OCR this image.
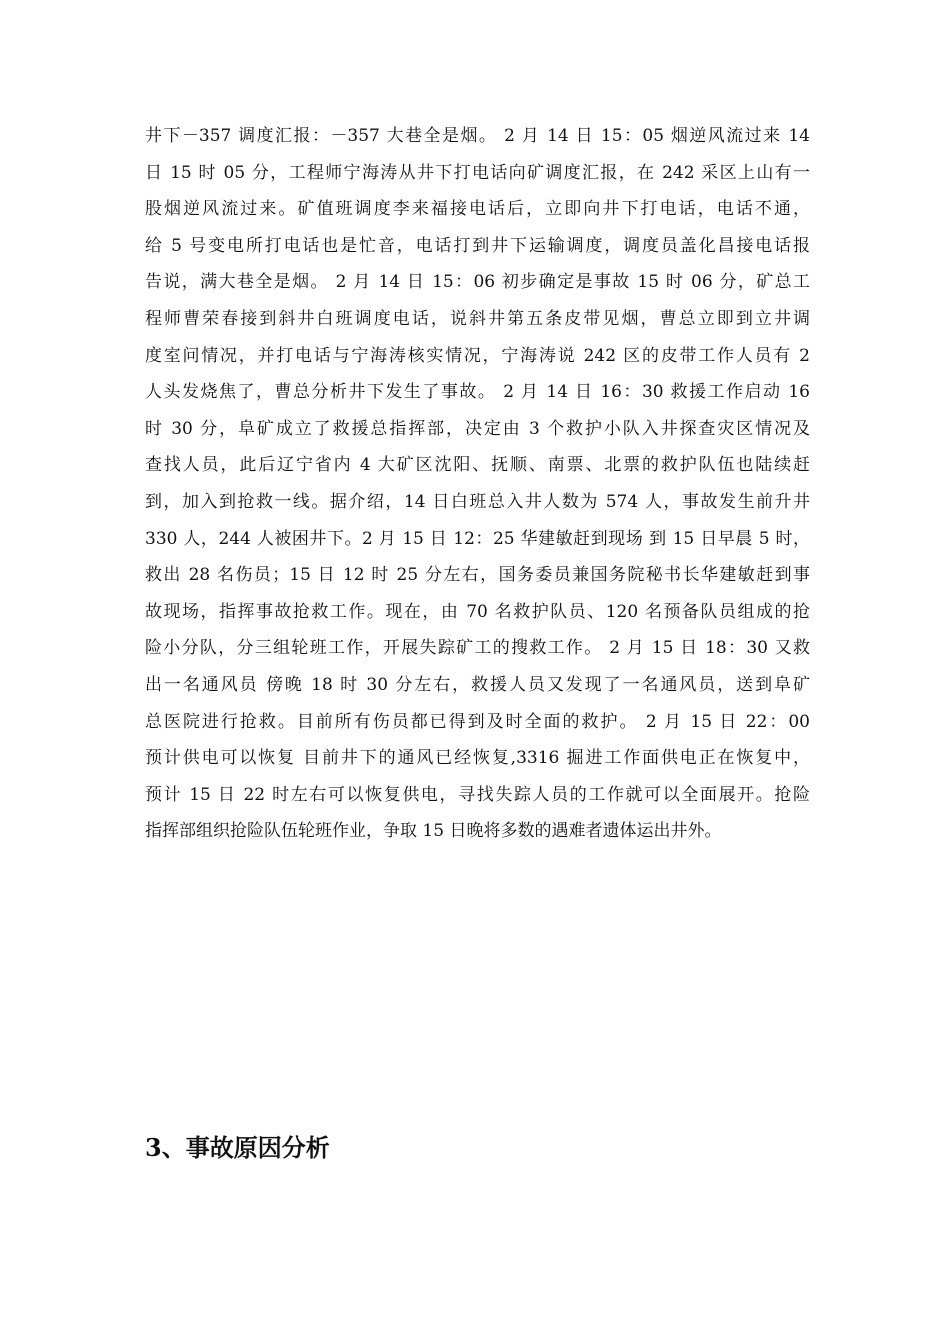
井下－357 调度汇报：－357 大巷全是烟。 2 月 14 日 15：05 烟逆风流过来 14
日 15 时 05 分，工程师宁海涛从井下打电话向矿调度汇报，在 242 采区上山有一
股烟逆风流过来。矿值班调度李来福接电话后，立即向井下打电话，电话不通，
给 5 号变电所打电话也是忙音，电话打到井下运输调度，调度员盖化昌接电话报
告说，满大巷全是烟。 2 月 14 日 15：06 初步确定是事故 15 时 06 分，矿总工
程师曹荣春接到斜井白班调度电话，说斜井第五条皮带见烟，曹总立即到立井调
度室问情况，并打电话与宁海涛核实情况，宁海涛说 242 区的皮带工作人员有 2
人头发烧焦了，曹总分析井下发生了事故。 2 月 14 日 16：30 救援工作启动 16
时 30 分，阜矿成立了救援总指挥部，决定由 3 个救护小队入井探查灾区情况及
查找人员，此后辽宁省内 4 大矿区沈阳、抚顺、南票、北票的救护队伍也陆续赶
到，加入到抢救一线。据介绍，14 日白班总入井人数为 574 人，事故发生前升井
330 人，244 人被困井下。2 月 15 日 12：25 华建敏赶到现场 到 15 日早晨 5 时，
救出 28 名伤员；15 日 12 时 25 分左右，国务委员兼国务院秘书长华建敏赶到事
故现场，指挥事故抢救工作。现在，由 70 名救护队员、120 名预备队员组成的抢
险小分队，分三组轮班工作，开展失踪矿工的搜救工作。 2 月 15 日 18：30 又救
出一名通风员 傍晚 18 时 30 分左右，救援人员又发现了一名通风员，送到阜矿
总医院进行抢救。目前所有伤员都已得到及时全面的救护。 2 月 15 日 22：00
预计供电可以恢复 目前井下的通风已经恢复,3316 掘进工作面供电正在恢复中，
预计 15 日 22 时左右可以恢复供电，寻找失踪人员的工作就可以全面展开。抢险
指挥部组织抢险队伍轮班作业，争取 15 日晚将多数的遇难者遗体运出井外。
3、事故原因分析
